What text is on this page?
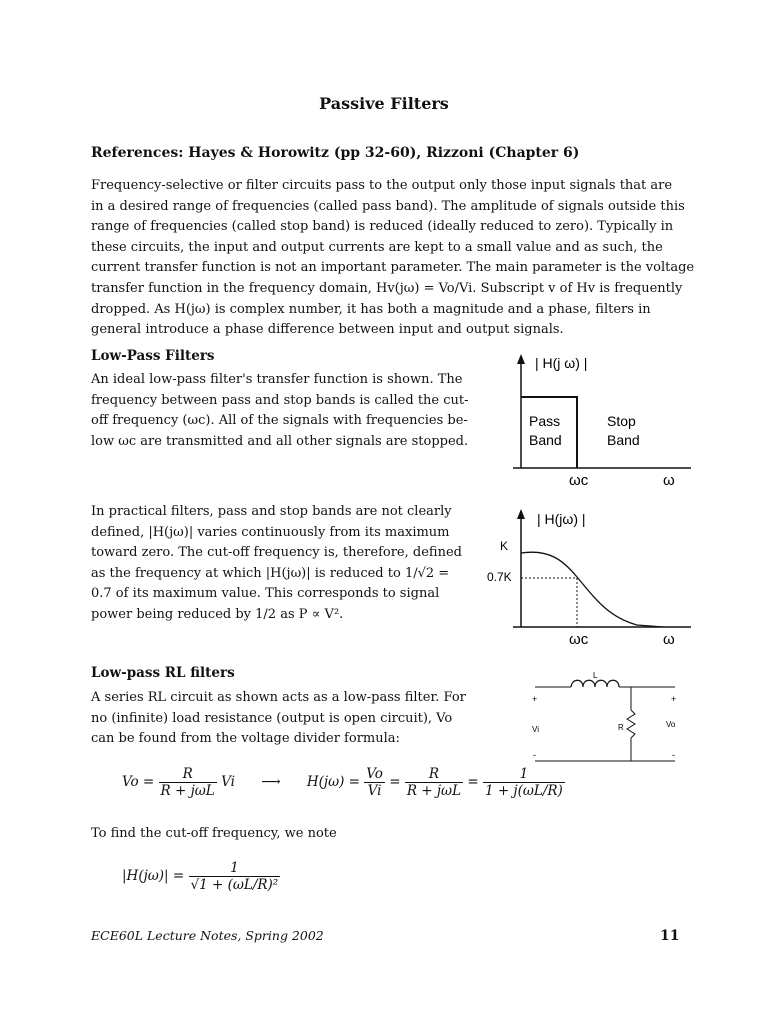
Passive Filters
References: Hayes & Horowitz (pp 32-60), Rizzoni (Chapter 6)
Frequency-selective or filter circuits pass to the output only those input signals that are
in a desired range of frequencies (called pass band). The amplitude of signals outside this
range of frequencies (called stop band) is reduced (ideally reduced to zero). Typically in
these circuits, the input and output currents are kept to a small value and as such, the
current transfer function is not an important parameter. The main parameter is the voltage
transfer function in the frequency domain, Hv(jω) = Vo/Vi. Subscript v of Hv is frequently
dropped. As H(jω) is complex number, it has both a magnitude and a phase, filters in
general introduce a phase difference between input and output signals.
Low-Pass Filters
An ideal low-pass filter's transfer function is shown. The
frequency between pass and stop bands is called the cut-
off frequency (ωc). All of the signals with frequencies be-
low ωc are transmitted and all other signals are stopped.
| H(j ω) |
Pass
Band
Stop
Band
ωc	ω
In practical filters, pass and stop bands are not clearly
defined, |H(jω)| varies continuously from its maximum
toward zero. The cut-off frequency is, therefore, defined
as the frequency at which |H(jω)| is reduced to 1/√2 =
0.7 of its maximum value. This corresponds to signal
power being reduced by 1/2 as P ∝ V².
| H(jω) |
K
0.7K
ωc	ω
Low-pass RL filters
A series RL circuit as shown acts as a low-pass filter. For
no (infinite) load resistance (output is open circuit), Vo
can be found from the voltage divider formula:
L
R
+	+
Vi
Vo
-	-
$Vo = \frac{R}{\text{R + jωL}}$ Vi ⟶ $H(j\omega) = \frac{Vo}{Vi} = \frac{R}{\text{R + jωL}} = \frac{1}{1 + j(\omega L/R)}$
To find the cut-off frequency, we note
$|H(j\omega)| = \frac{1}{\text{√1 + (ωL/R)²}}$
ECE60L Lecture Notes, Spring 2002	11
